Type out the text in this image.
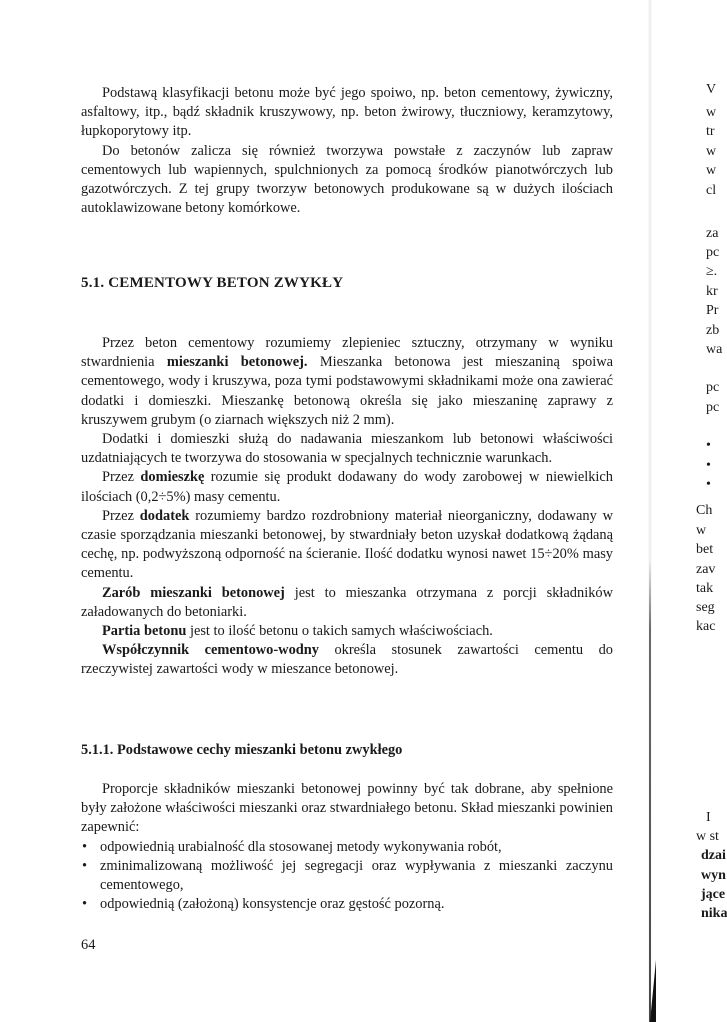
Podstawą klasyfikacji betonu może być jego spoiwo, np. beton cementowy, żywiczny, asfaltowy, itp., bądź składnik kruszywowy, np. beton żwirowy, tłuczniowy, keramzytowy, łupkoporytowy itp.

Do betonów zalicza się również tworzywa powstałe z zaczynów lub zapraw cementowych lub wapiennych, spulchnionych za pomocą środków pianotwórczych lub gazotwórczych. Z tej grupy tworzyw betonowych produkowane są w dużych ilościach autoklawizowane betony komórkowe.

5.1. CEMENTOWY BETON ZWYKŁY

Przez beton cementowy rozumiemy zlepieniec sztuczny, otrzymany w wyniku stwardnienia mieszanki betonowej. Mieszanka betonowa jest mieszaniną spoiwa cementowego, wody i kruszywa, poza tymi podstawowymi składnikami może ona zawierać dodatki i domieszki. Mieszankę betonową określa się jako mieszaninę zaprawy z kruszywem grubym (o ziarnach większych niż 2 mm).

Dodatki i domieszki służą do nadawania mieszankom lub betonowi właściwości uzdatniających te tworzywa do stosowania w specjalnych technicznie warunkach.

Przez domieszkę rozumie się produkt dodawany do wody zarobowej w niewielkich ilościach (0,2÷5%) masy cementu.

Przez dodatek rozumiemy bardzo rozdrobniony materiał nieorganiczny, dodawany w czasie sporządzania mieszanki betonowej, by stwardniały beton uzyskał dodatkową żądaną cechę, np. podwyższoną odporność na ścieranie. Ilość dodatku wynosi nawet 15÷20% masy cementu.

Zarób mieszanki betonowej jest to mieszanka otrzymana z porcji składników załadowanych do betoniarki.

Partia betonu jest to ilość betonu o takich samych właściwościach.

Współczynnik cementowo-wodny określa stosunek zawartości cementu do rzeczywistej zawartości wody w mieszance betonowej.

5.1.1. Podstawowe cechy mieszanki betonu zwykłego

Proporcje składników mieszanki betonowej powinny być tak dobrane, aby spełnione były założone właściwości mieszanki oraz stwardniałego betonu. Skład mieszanki powinien zapewnić:

• odpowiednią urabialność dla stosowanej metody wykonywania robót,
• zminimalizowaną możliwość jej segregacji oraz wypływania z mieszanki zaczynu cementowego,
• odpowiednią (założoną) konsystencje oraz gęstość pozorną.
64
V
w
tr
w
w
cl
za
pc
≥.
kr
Pr
zb
wa
pc
pc
•
•
•
Ch
w
bet
zav
tak
seg
kac
I
w st
dzai
wyn
jące
nika
